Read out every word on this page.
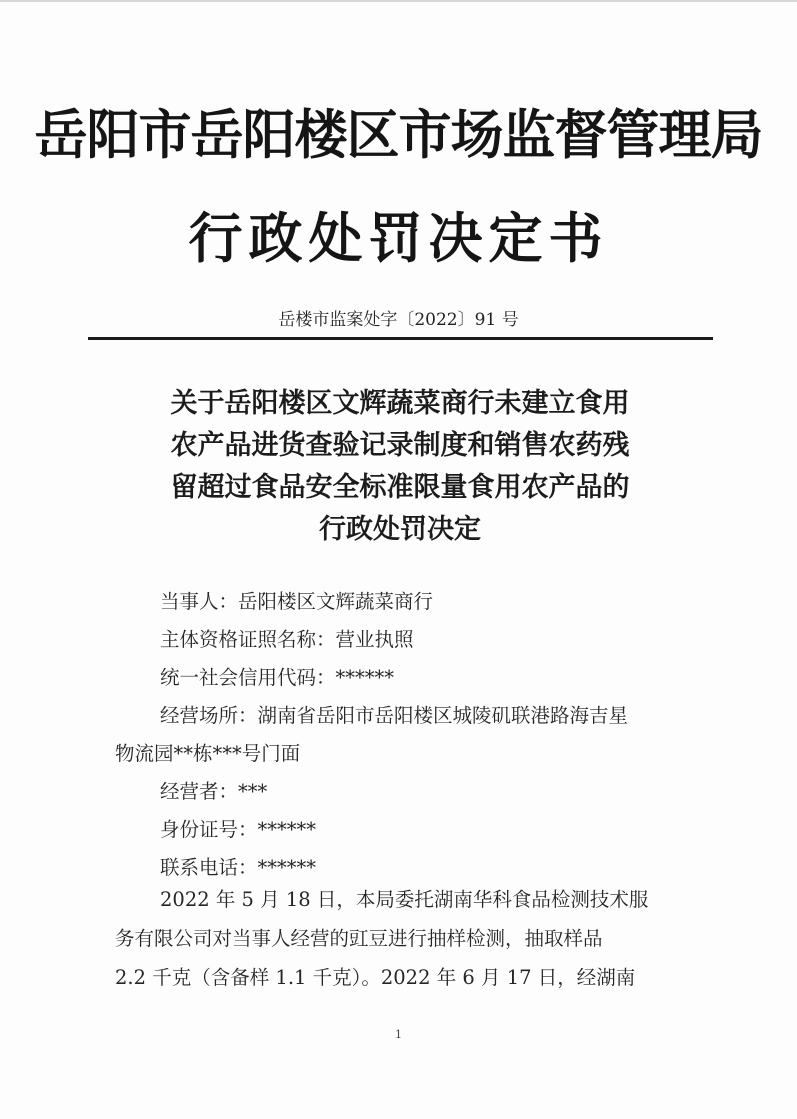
岳阳市岳阳楼区市场监督管理局
行政处罚决定书
岳楼市监案处字〔2022〕91 号
关于岳阳楼区文辉蔬菜商行未建立食用
农产品进货查验记录制度和销售农药残
留超过食品安全标准限量食用农产品的
行政处罚决定
当事人：岳阳楼区文辉蔬菜商行
主体资格证照名称：营业执照
统一社会信用代码：******
经营场所：湖南省岳阳市岳阳楼区城陵矶联港路海吉星
物流园**栋***号门面
经营者：***
身份证号：******
联系电话：******
2022 年 5 月 18 日，本局委托湖南华科食品检测技术服
务有限公司对当事人经营的豇豆进行抽样检测，抽取样品
2.2 千克（含备样 1.1 千克）。2022 年 6 月 17 日，经湖南
1
